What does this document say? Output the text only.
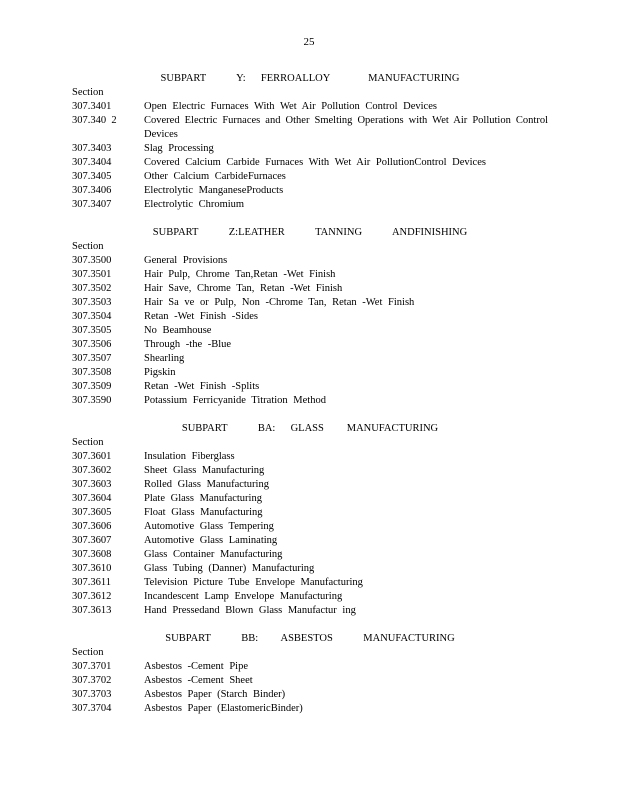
25
SUBPART    Y:  FERROALLOY     MANUFACTURING
Section
307.3401	Open Electric Furnaces With Wet Air Pollution Control Devices
307.340  2	Covered Electric Furnaces and Other Smelting Operations with Wet Air Pollution Control Devices
307.3403	Slag Processing
307.3404	Covered Calcium Carbide Furnaces With Wet Air PollutionControl Devices
307.3405	Other Calcium CarbideFurnaces
307.3406	Electrolytic ManganeseProducts
307.3407	Electrolytic Chromium
SUBPART    Z:LEATHER    TANNING    ANDFINISHING
Section
307.3500	General Provisions
307.3501	Hair Pulp, Chrome Tan,Retan -Wet Finish
307.3502	Hair Save, Chrome Tan, Retan -Wet Finish
307.3503	Hair Sa ve or Pulp, Non -Chrome Tan, Retan -Wet Finish
307.3504	Retan -Wet Finish -Sides
307.3505	No Beamhouse
307.3506	Through -the -Blue
307.3507	Shearling
307.3508	Pigskin
307.3509	Retan -Wet Finish -Splits
307.3590	Potassium Ferricyanide Titration Method
SUBPART    BA:  GLASS   MANUFACTURING
Section
307.3601	Insulation Fiberglass
307.3602	Sheet Glass Manufacturing
307.3603	Rolled Glass Manufacturing
307.3604	Plate Glass Manufacturing
307.3605	Float Glass Manufacturing
307.3606	Automotive Glass Tempering
307.3607	Automotive Glass Laminating
307.3608	Glass Container Manufacturing
307.3610	Glass Tubing (Danner) Manufacturing
307.3611	Television Picture Tube Envelope Manufacturing
307.3612	Incandescent Lamp Envelope Manufacturing
307.3613	Hand Pressedand Blown Glass Manufactur ing
SUBPART    BB:   ASBESTOS    MANUFACTURING
Section
307.3701	Asbestos -Cement Pipe
307.3702	Asbestos -Cement Sheet
307.3703	Asbestos Paper (Starch Binder)
307.3704	Asbestos Paper (ElastomericBinder)
